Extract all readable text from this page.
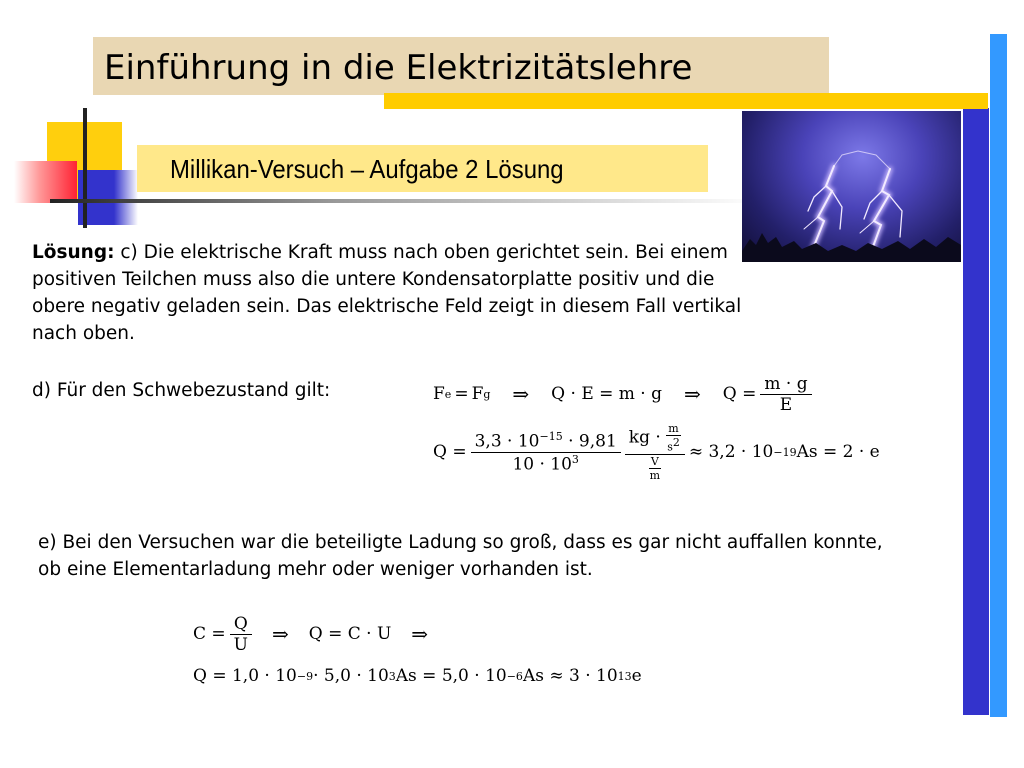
Einführung in die Elektrizitätslehre
Millikan-Versuch – Aufgabe 2 Lösung
Lösung: c) Die elektrische Kraft muss nach oben gerichtet sein. Bei einem positiven Teilchen muss also die untere Kondensatorplatte positiv und die obere negativ geladen sein. Das elektrische Feld zeigt in diesem Fall vertikal nach oben.
d) Für den Schwebezustand gilt:
e) Bei den Versuchen war die beteiligte Ladung so groß, dass es gar nicht auffallen konnte, ob eine Elementarladung mehr oder weniger vorhanden ist.
F e = F g ⇒ Q · E = m · g ⇒ $Q = \frac{m \cdot g}{E}$
$Q = \frac{3,3 \cdot 10^{-15} \cdot 9,81}{10 \cdot 10^3} \frac{kg \cdot \frac{m}{s^2}}{\frac{V}{m}} \approx 3,2 \cdot 10 -19$ As = 2 · e
$C = \frac{Q}{U}$ ⇒ Q = C · U ⇒
Q = 1,0 · 10 −9 · 5,0 · 10 3 As = 5,0 · 10 −6 As ≈ 3 · 10 13 e
